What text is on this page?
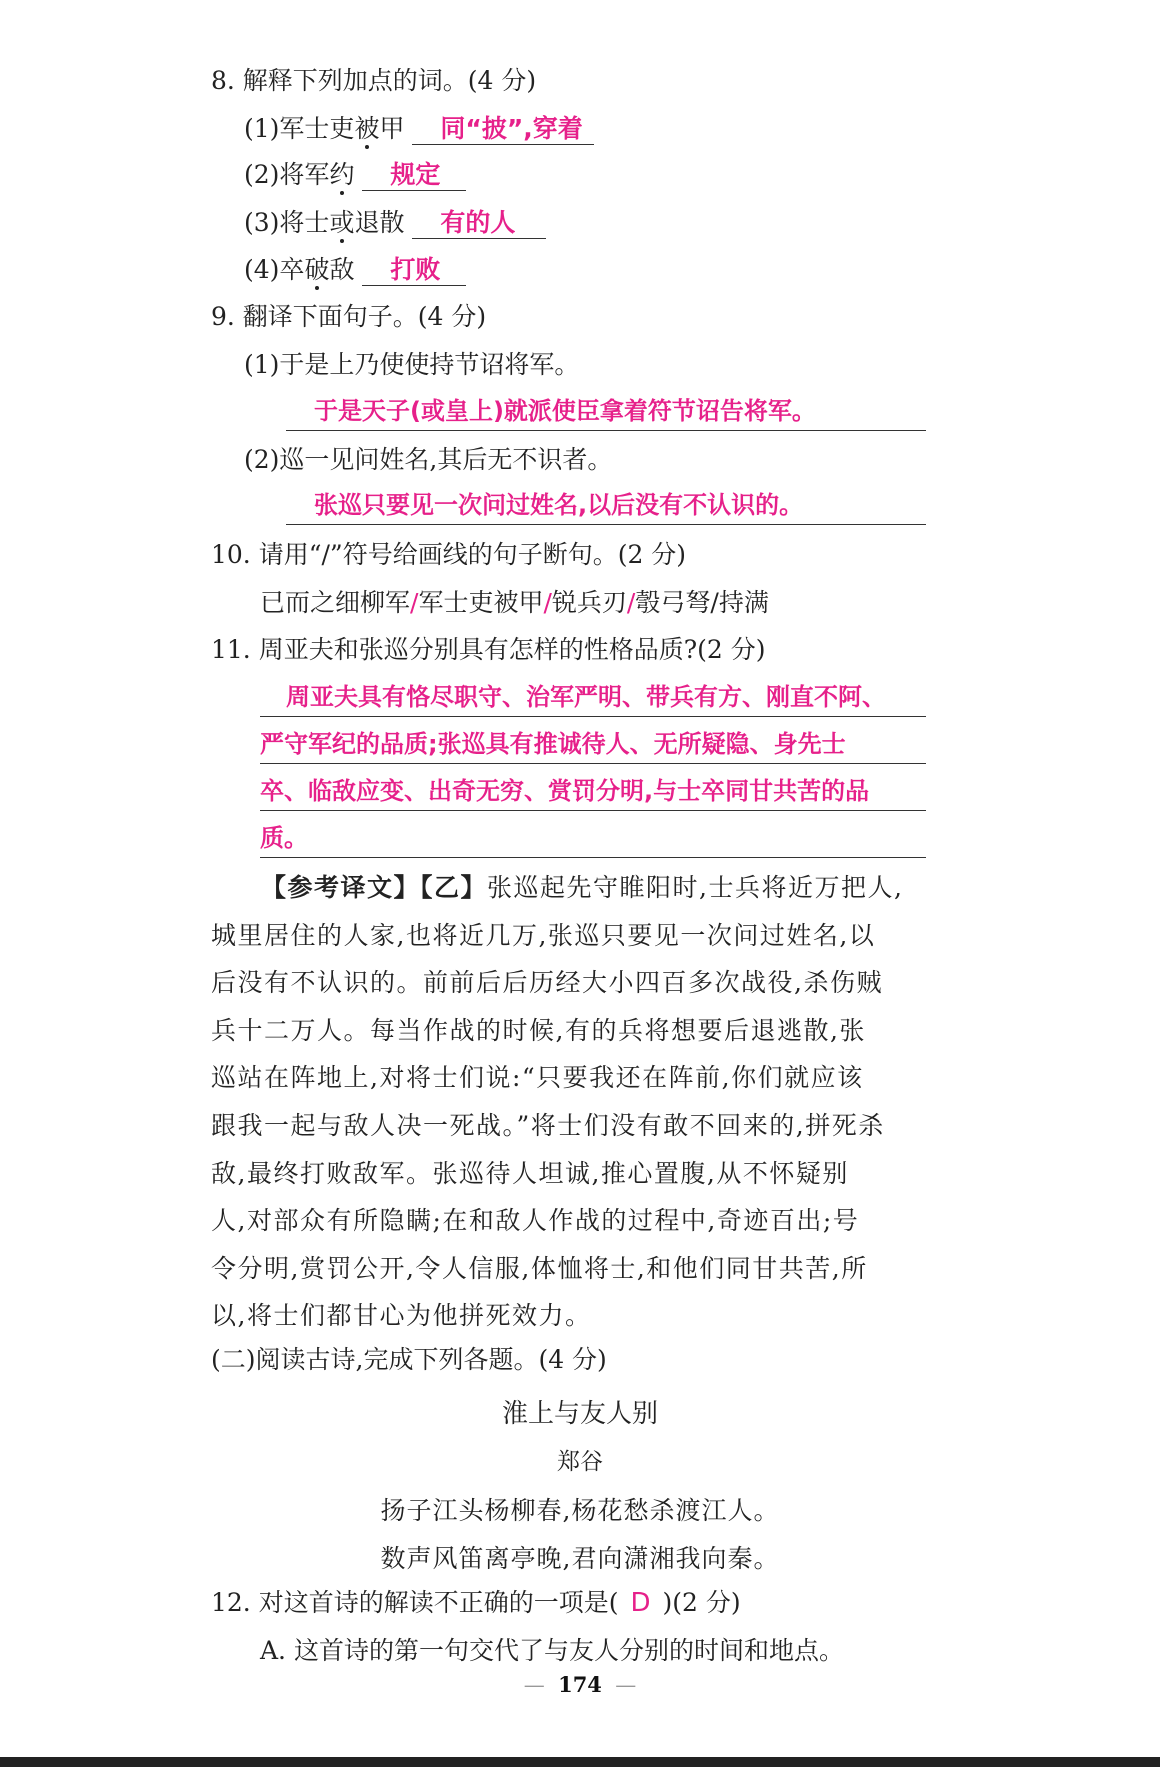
8. 解释下列加点的词。(4 分)
(1)军士吏被甲 同“披”,穿着
(2)将军约 规定
(3)将士或退散 有的人
(4)卒破敌 打败
9. 翻译下面句子。(4 分)
(1)于是上乃使使持节诏将军。
于是天子(或皇上)就派使臣拿着符节诏告将军。
(2)巡一见问姓名,其后无不识者。
张巡只要见一次问过姓名,以后没有不认识的。
10. 请用“/”符号给画线的句子断句。(2 分)
已而之细柳军/军士吏被甲/锐兵刃/彀弓弩/持满
11. 周亚夫和张巡分别具有怎样的性格品质?(2 分)
周亚夫具有恪尽职守、治军严明、带兵有方、刚直不阿、
严守军纪的品质;张巡具有推诚待人、无所疑隐、身先士
卒、临敌应变、出奇无穷、赏罚分明,与士卒同甘共苦的品
质。
【参考译文】【乙】张巡起先守睢阳时,士兵将近万把人,
城里居住的人家,也将近几万,张巡只要见一次问过姓名,以
后没有不认识的。前前后后历经大小四百多次战役,杀伤贼
兵十二万人。每当作战的时候,有的兵将想要后退逃散,张
巡站在阵地上,对将士们说:“只要我还在阵前,你们就应该
跟我一起与敌人决一死战。”将士们没有敢不回来的,拼死杀
敌,最终打败敌军。张巡待人坦诚,推心置腹,从不怀疑别
人,对部众有所隐瞒;在和敌人作战的过程中,奇迹百出;号
令分明,赏罚公开,令人信服,体恤将士,和他们同甘共苦,所
以,将士们都甘心为他拼死效力。
(二)阅读古诗,完成下列各题。(4 分)
淮上与友人别
郑谷
扬子江头杨柳春,杨花愁杀渡江人。
数声风笛离亭晚,君向潇湘我向秦。
12. 对这首诗的解读不正确的一项是( D )(2 分)
A. 这首诗的第一句交代了与友人分别的时间和地点。
—  174  —
